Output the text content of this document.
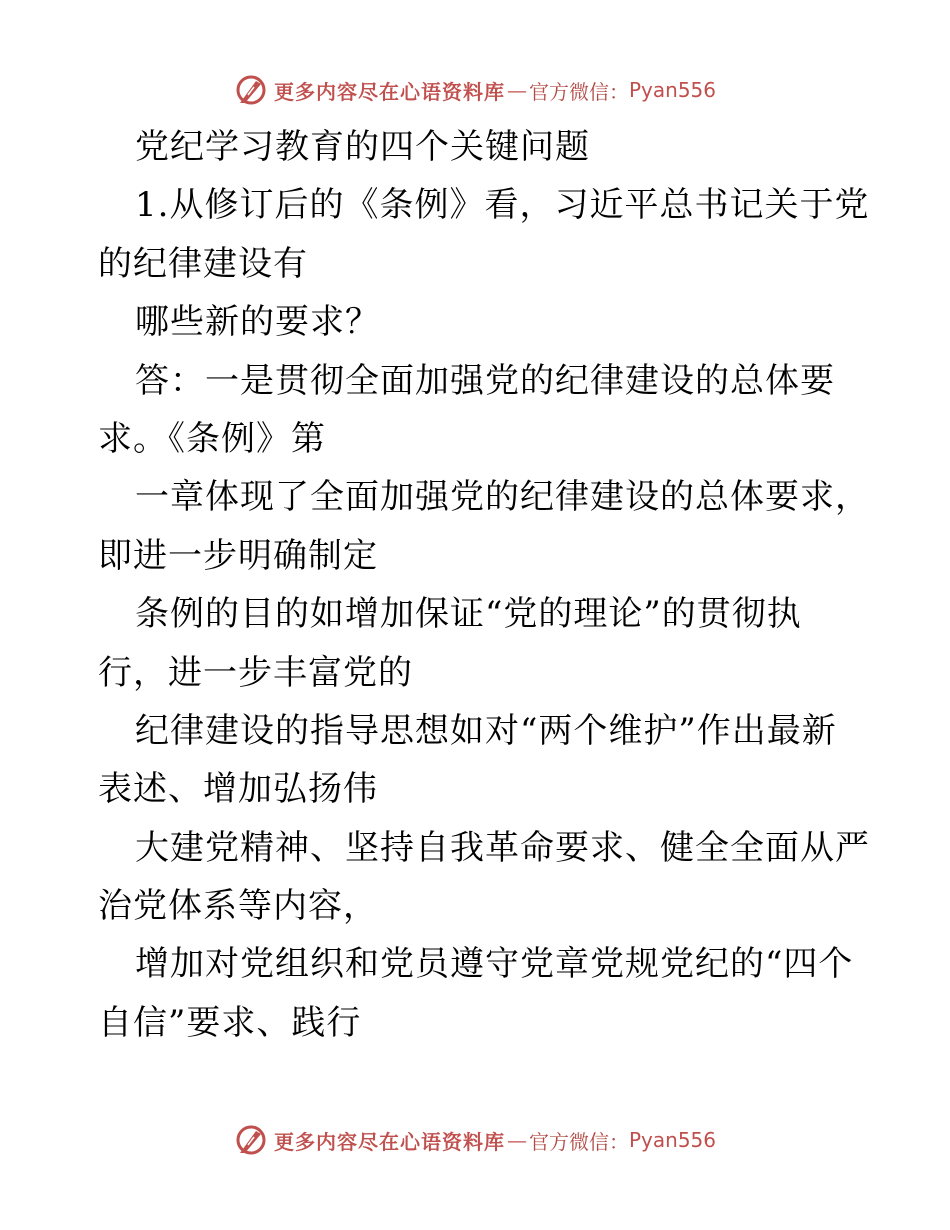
更多内容尽在心语资料库 — 官方微信： Pyan556
党纪学习教育的四个关键问题
1.从修订后的《条例》看，习近平总书记关于党
的纪律建设有
哪些新的要求？
答：一是贯彻全面加强党的纪律建设的总体要
求。《条例》第
一章体现了全面加强党的纪律建设的总体要求，
即进一步明确制定
条例的目的如增加保证“党的理论”的贯彻执
行，进一步丰富党的
纪律建设的指导思想如对“两个维护”作出最新
表述、增加弘扬伟
大建党精神、坚持自我革命要求、健全全面从严
治党体系等内容，
增加对党组织和党员遵守党章党规党纪的“四个
自信”要求、践行
更多内容尽在心语资料库 — 官方微信： Pyan556
